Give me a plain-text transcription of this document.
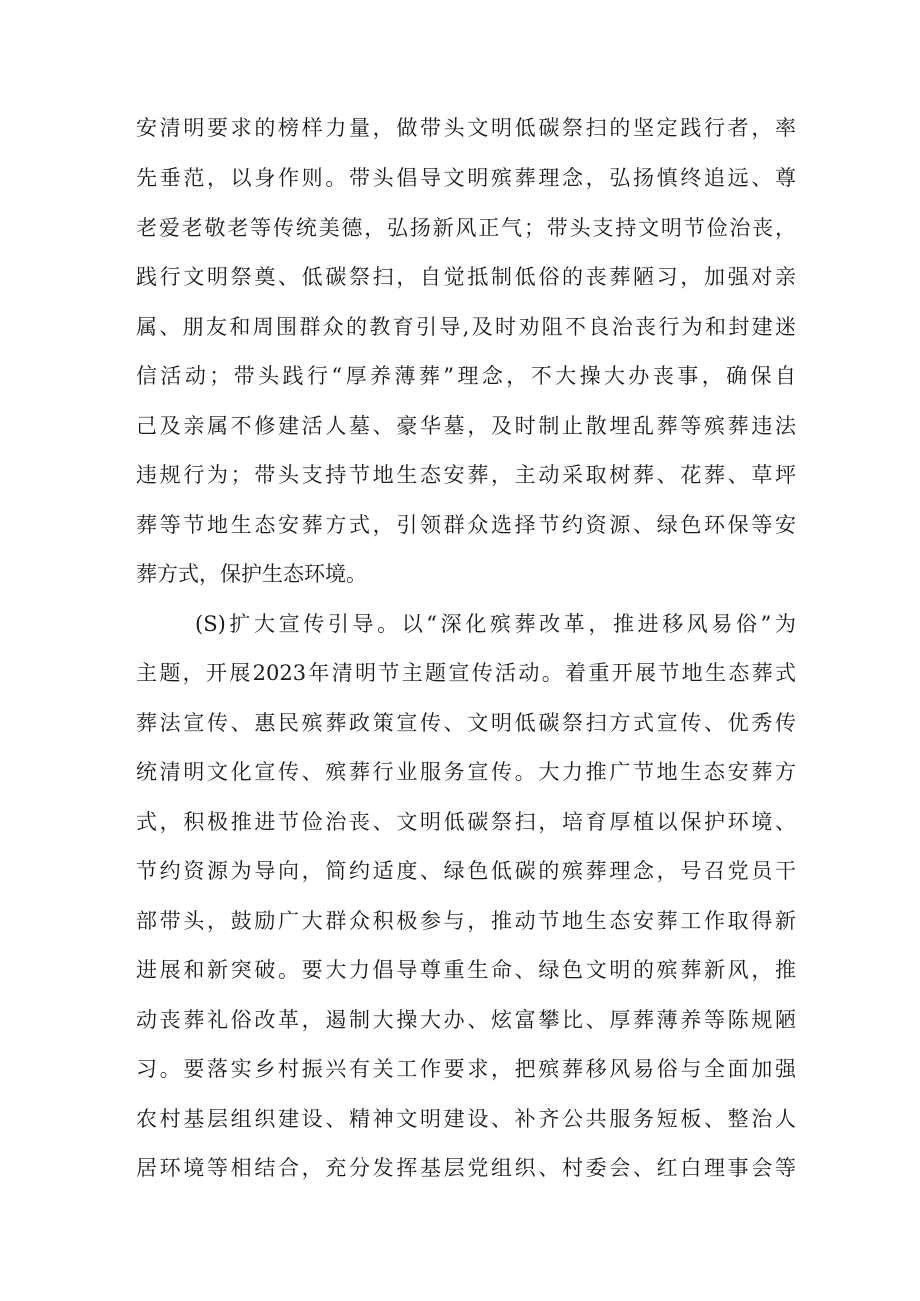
安清明要求的榜样力量，做带头文明低碳祭扫的坚定践行者，率
先垂范，以身作则。带头倡导文明殡葬理念，弘扬慎终追远、尊
老爱老敬老等传统美德，弘扬新风正气；带头支持文明节俭治丧，
践行文明祭奠、低碳祭扫，自觉抵制低俗的丧葬陋习，加强对亲
属、朋友和周围群众的教育引导,及时劝阻不良治丧行为和封建迷
信活动；带头践行“厚养薄葬”理念，不大操大办丧事，确保自
己及亲属不修建活人墓、豪华墓，及时制止散埋乱葬等殡葬违法
违规行为；带头支持节地生态安葬，主动采取树葬、花葬、草坪
葬等节地生态安葬方式，引领群众选择节约资源、绿色环保等安
葬方式，保护生态环境。
(S)扩大宣传引导。以“深化殡葬改革，推进移风易俗”为
主题，开展2023年清明节主题宣传活动。着重开展节地生态葬式
葬法宣传、惠民殡葬政策宣传、文明低碳祭扫方式宣传、优秀传
统清明文化宣传、殡葬行业服务宣传。大力推广节地生态安葬方
式，积极推进节俭治丧、文明低碳祭扫，培育厚植以保护环境、
节约资源为导向，简约适度、绿色低碳的殡葬理念，号召党员干
部带头，鼓励广大群众积极参与，推动节地生态安葬工作取得新
进展和新突破。要大力倡导尊重生命、绿色文明的殡葬新风，推
动丧葬礼俗改革，遏制大操大办、炫富攀比、厚葬薄养等陈规陋
习。要落实乡村振兴有关工作要求，把殡葬移风易俗与全面加强
农村基层组织建设、精神文明建设、补齐公共服务短板、整治人
居环境等相结合，充分发挥基层党组织、村委会、红白理事会等
